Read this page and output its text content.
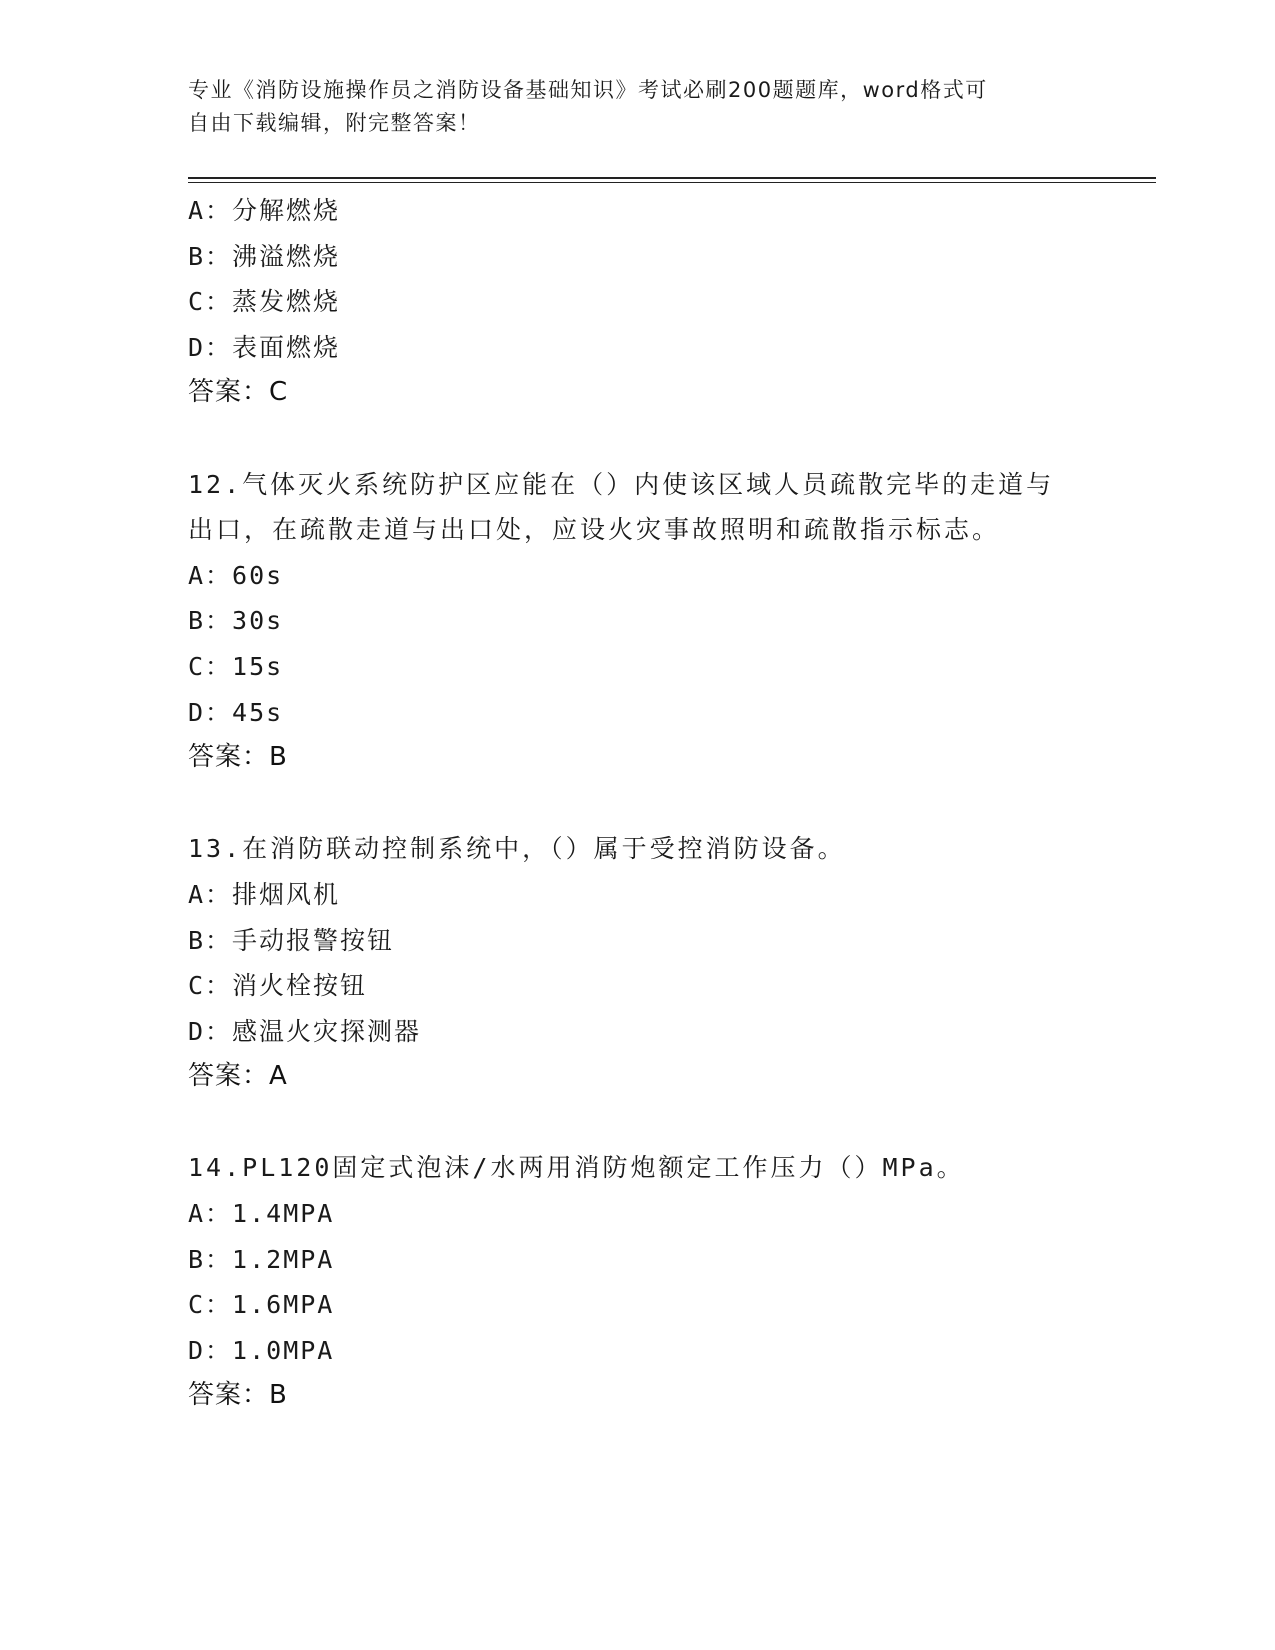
专业《消防设施操作员之消防设备基础知识》考试必刷200题题库，word格式可
自由下载编辑，附完整答案！
A：分解燃烧
B：沸溢燃烧
C：蒸发燃烧
D：表面燃烧
答案：C
12.气体灭火系统防护区应能在（）内使该区域人员疏散完毕的走道与
出口，在疏散走道与出口处，应设火灾事故照明和疏散指示标志。
A：60s
B：30s
C：15s
D：45s
答案：B
13.在消防联动控制系统中，（）属于受控消防设备。
A：排烟风机
B：手动报警按钮
C：消火栓按钮
D：感温火灾探测器
答案：A
14.PL120固定式泡沫/水两用消防炮额定工作压力（）MPa。
A：1.4MPA
B：1.2MPA
C：1.6MPA
D：1.0MPA
答案：B
